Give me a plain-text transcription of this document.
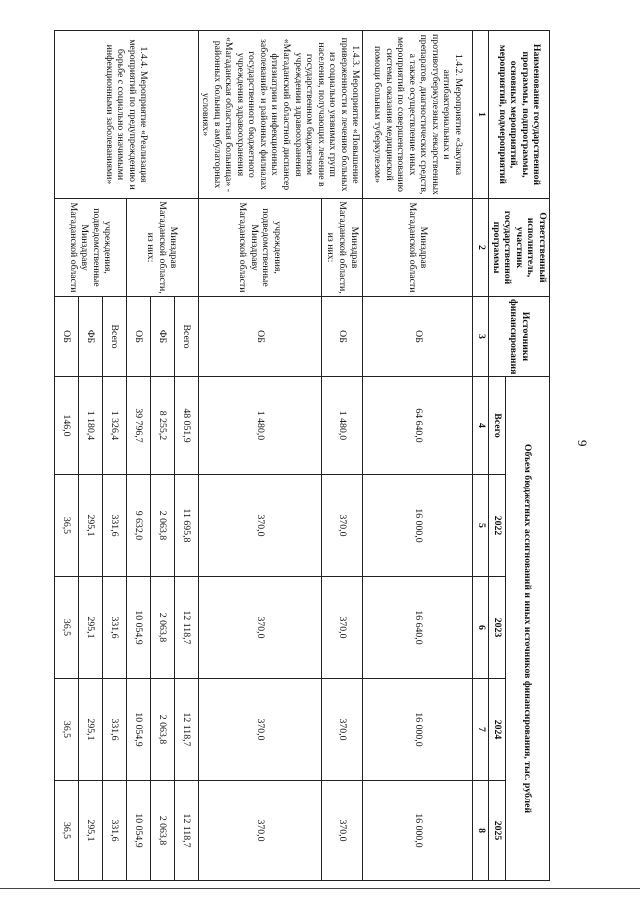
9
Наименование государственной программы, подпрограммы, основных мероприятий, мероприятий, подмероприятий	Ответственный исполнитель, участник государственной программы	Источники финансирования	Объем бюджетных ассигнований и иных источников финансирования, тыс. рублей				
			Всего	2022	2023	2024	2025
1	2	3	4	5	6	7	8
1.4.2. Мероприятие «Закупка антибактериальных и противотуберкулезных лекарственных препаратов, диагностических средств, а также осуществление иных мероприятий по совершенствованию системы оказания медицинской помощи больным туберкулезом»	Минздрав Магаданской области	ОБ	64 640,0	16 000,0	16 640,0	16 000,0	16 000,0
1.4.3. Мероприятие «Повышение приверженности к лечению больных из социально уязвимых групп населения, получающих лечение в государственном бюджетном учреждении здравоохранения «Магаданский областной диспансер фтизиатрии и инфекционных заболеваний» и районных филиалах государственного бюджетного учреждения здравоохранения «Магаданская областная больница» - районных больниц в амбулаторных условиях»	Минздрав Магаданской области, из них:	ОБ	1 480,0	370,0	370,0	370,0	370,0
	учреждения, подведомственные Минздраву Магаданской области	ОБ	1 480,0	370,0	370,0	370,0	370,0
1.4.4. Мероприятие «Реализация мероприятий по предупреждению и борьбе с социально значимыми инфекционными заболеваниями»	Минздрав Магаданской области, из них:	Всего	48 051,9	11 695,8	12 118,7	12 118,7	12 118,7
		ФБ	8 255,2	2 063,8	2 063,8	2 063,8	2 063,8
		ОБ	39 796,7	9 632,0	10 054,9	10 054,9	10 054,9
	учреждения, подведомственные Минздраву Магаданской области	Всего	1 326,4	331,6	331,6	331,6	331,6
		ФБ	1 180,4	295,1	295,1	295,1	295,1
		ОБ	146,0	36,5	36,5	36,5	36,5
